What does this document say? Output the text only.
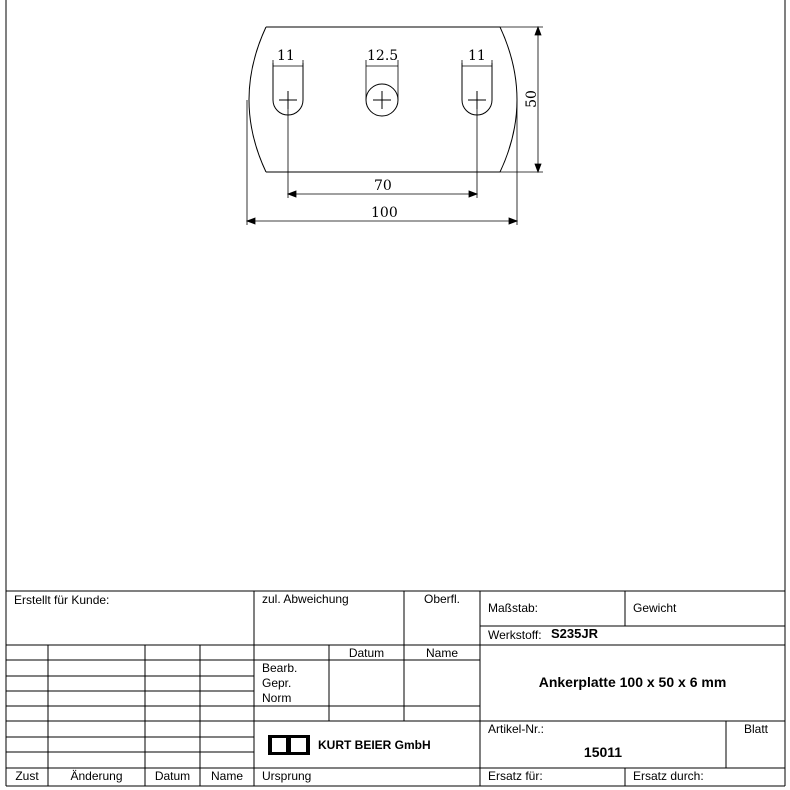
11	12.5	11
70
100
50
Erstellt für Kunde:	zul. Abweichung	Oberfl.
Maßstab:	Gewicht
Werkstoff: S235JR
Datum	Name
Bearb.
Gepr.
Norm
Ankerplatte 100 x 50 x 6 mm
Artikel-Nr.:
15011
Blatt
KURT BEIER GmbH
Zust	Änderung	Datum	Name	Ursprung	Ersatz für:	Ersatz durch:
